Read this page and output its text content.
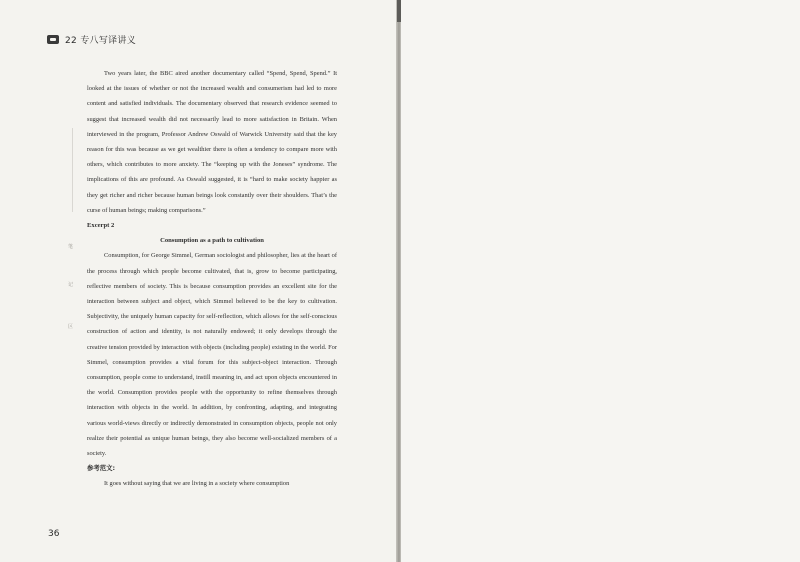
22 专八写译讲义
笔
记
区

Two years later, the BBC aired another documentary called “Spend, Spend, Spend.” It looked at the issues of whether or not the increased wealth and consumerism had led to more content and satisfied individuals. The documentary observed that research evidence seemed to suggest that increased wealth did not necessarily lead to more satisfaction in Britain. When interviewed in the program, Professor Andrew Oswald of Warwick University said that the key reason for this was because as we get wealthier there is often a tendency to compare more with others, which contributes to more anxiety. The “keeping up with the Joneses” syndrome. The implications of this are profound. As Oswald suggested, it is “hard to make society happier as they get richer and richer because human beings look constantly over their shoulders. That’s the curse of human beings; making comparisons.”

Excerpt 2

Consumption as a path to cultivation

Consumption, for George Simmel, German sociologist and philosopher, lies at the heart of the process through which people become cultivated, that is, grow to become participating, reflective members of society. This is because consumption provides an excellent site for the interaction between subject and object, which Simmel believed to be the key to cultivation. Subjectivity, the uniquely human capacity for self-reflection, which allows for the self-conscious construction of action and identity, is not naturally endowed; it only develops through the creative tension provided by interaction with objects (including people) existing in the world. For Simmel, consumption provides a vital forum for this subject-object interaction. Through consumption, people come to understand, instill meaning in, and act upon objects encountered in the world. Consumption provides people with the opportunity to refine themselves through interaction with objects in the world. In addition, by confronting, adapting, and integrating various world-views directly or indirectly demonstrated in consumption objects, people not only realize their potential as unique human beings, they also become well-socialized members of a society.

参考范文:

It goes without saying that we are living in a society where consumption

36
